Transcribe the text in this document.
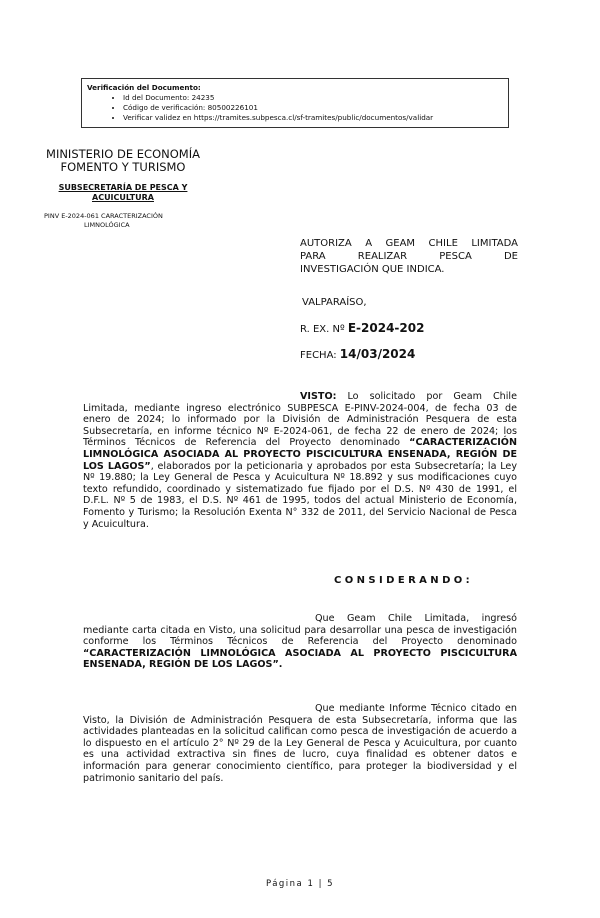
Verificación del Documento:
• Id del Documento: 24235
• Código de verificación: 80500226101
• Verificar validez en https://tramites.subpesca.cl/sf-tramites/public/documentos/validar
MINISTERIO DE ECONOMÍA
FOMENTO Y TURISMO
SUBSECRETARÍA DE PESCA Y
ACUICULTURA
PINV E-2024-061 CARACTERIZACIÓN
LIMNOLÓGICA
AUTORIZA A GEAM CHILE LIMITADA
PARA REALIZAR PESCA DE
INVESTIGACIÓN QUE INDICA.
VALPARAÍSO,
R. EX. Nº E-2024-202
FECHA: 14/03/2024

VISTO: Lo solicitado por Geam Chile Limitada, mediante ingreso electrónico SUBPESCA E-PINV-2024-004, de fecha 03 de enero de 2024; lo informado por la División de Administración Pesquera de esta Subsecretaría, en informe técnico Nº E-2024-061, de fecha 22 de enero de 2024; los Términos Técnicos de Referencia del Proyecto denominado “CARACTERIZACIÓN LIMNOLÓGICA ASOCIADA AL PROYECTO PISCICULTURA ENSENADA, REGIÓN DE LOS LAGOS”, elaborados por la peticionaria y aprobados por esta Subsecretaría; la Ley Nº 19.880; la Ley General de Pesca y Acuicultura Nº 18.892 y sus modificaciones cuyo texto refundido, coordinado y sistematizado fue fijado por el D.S. Nº 430 de 1991, el D.F.L. Nº 5 de 1983, el D.S. Nº 461 de 1995, todos del actual Ministerio de Economía, Fomento y Turismo; la Resolución Exenta N° 332 de 2011, del Servicio Nacional de Pesca y Acuicultura.

CONSIDERANDO:

Que Geam Chile Limitada, ingresó mediante carta citada en Visto, una solicitud para desarrollar una pesca de investigación conforme los Términos Técnicos de Referencia del Proyecto denominado “CARACTERIZACIÓN LIMNOLÓGICA ASOCIADA AL PROYECTO PISCICULTURA ENSENADA, REGIÓN DE LOS LAGOS”.

Que mediante Informe Técnico citado en Visto, la División de Administración Pesquera de esta Subsecretaría, informa que las actividades planteadas en la solicitud califican como pesca de investigación de acuerdo a lo dispuesto en el artículo 2° Nº 29 de la Ley General de Pesca y Acuicultura, por cuanto es una actividad extractiva sin fines de lucro, cuya finalidad es obtener datos e información para generar conocimiento científico, para proteger la biodiversidad y el patrimonio sanitario del país.

Página 1 | 5
